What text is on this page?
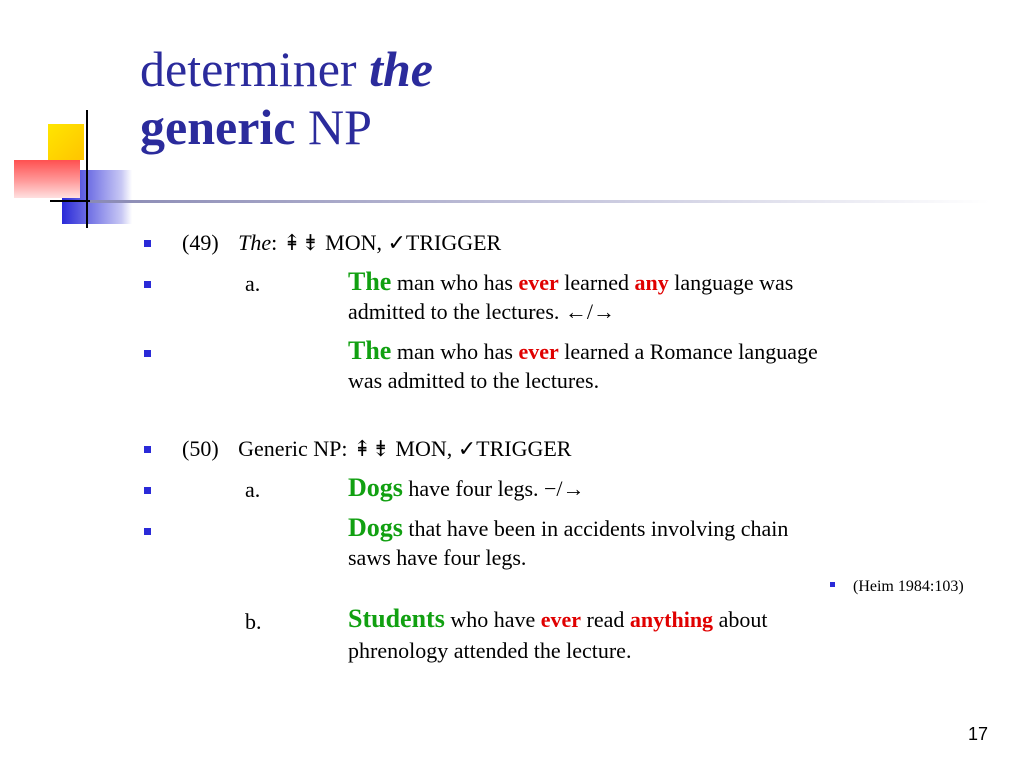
determiner the
generic NP
(49) The: ⇞⇟ MON, ✓TRIGGER
a.	The man who has ever learned any language was
admitted to the lectures. ←/→
The man who has ever learned a Romance language
was admitted to the lectures.
(50) Generic NP: ⇞⇟ MON, ✓TRIGGER
a.	Dogs have four legs. −/→
Dogs that have been in accidents involving chain
saws have four legs.
(Heim 1984:103)
b.	Students who have ever read anything about
phrenology attended the lecture.
17
